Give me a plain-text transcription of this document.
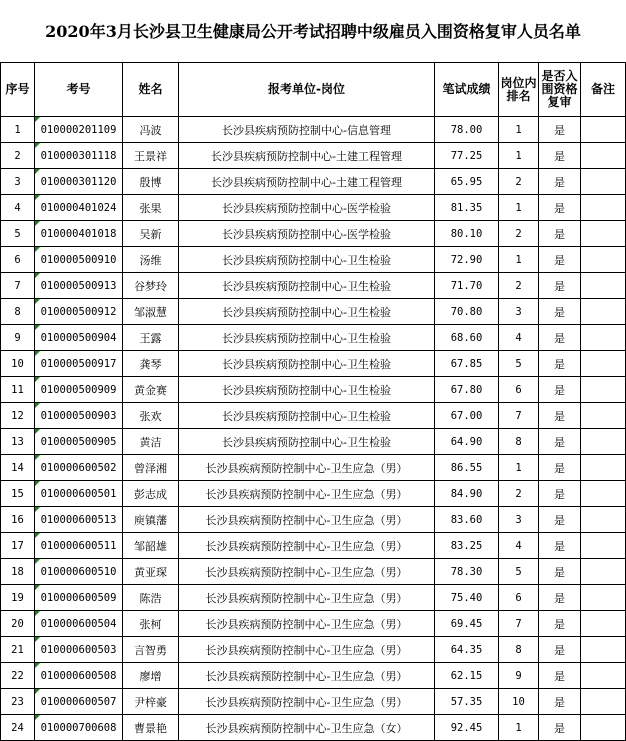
2020年3月长沙县卫生健康局公开考试招聘中级雇员入围资格复审人员名单
序号	考号	姓名	报考单位-岗位	笔试成绩	岗位内排名	是否入围资格复审	备注
1	010000201109	冯波	长沙县疾病预防控制中心-信息管理	78.00	1	是	
2	010000301118	王景祥	长沙县疾病预防控制中心-土建工程管理	77.25	1	是	
3	010000301120	殷博	长沙县疾病预防控制中心-土建工程管理	65.95	2	是	
4	010000401024	张果	长沙县疾病预防控制中心-医学检验	81.35	1	是	
5	010000401018	吴新	长沙县疾病预防控制中心-医学检验	80.10	2	是	
6	010000500910	汤维	长沙县疾病预防控制中心-卫生检验	72.90	1	是	
7	010000500913	谷梦玲	长沙县疾病预防控制中心-卫生检验	71.70	2	是	
8	010000500912	邹淑慧	长沙县疾病预防控制中心-卫生检验	70.80	3	是	
9	010000500904	王露	长沙县疾病预防控制中心-卫生检验	68.60	4	是	
10	010000500917	龚琴	长沙县疾病预防控制中心-卫生检验	67.85	5	是	
11	010000500909	黄金赛	长沙县疾病预防控制中心-卫生检验	67.80	6	是	
12	010000500903	张欢	长沙县疾病预防控制中心-卫生检验	67.00	7	是	
13	010000500905	黄洁	长沙县疾病预防控制中心-卫生检验	64.90	8	是	
14	010000600502	曾泽湘	长沙县疾病预防控制中心-卫生应急（男）	86.55	1	是	
15	010000600501	彭志成	长沙县疾病预防控制中心-卫生应急（男）	84.90	2	是	
16	010000600513	庾镇藩	长沙县疾病预防控制中心-卫生应急（男）	83.60	3	是	
17	010000600511	邹韶雄	长沙县疾病预防控制中心-卫生应急（男）	83.25	4	是	
18	010000600510	黄亚琛	长沙县疾病预防控制中心-卫生应急（男）	78.30	5	是	
19	010000600509	陈浩	长沙县疾病预防控制中心-卫生应急（男）	75.40	6	是	
20	010000600504	张柯	长沙县疾病预防控制中心-卫生应急（男）	69.45	7	是	
21	010000600503	言智勇	长沙县疾病预防控制中心-卫生应急（男）	64.35	8	是	
22	010000600508	廖增	长沙县疾病预防控制中心-卫生应急（男）	62.15	9	是	
23	010000600507	尹梓豪	长沙县疾病预防控制中心-卫生应急（男）	57.35	10	是	
24	010000700608	曹景艳	长沙县疾病预防控制中心-卫生应急（女）	92.45	1	是	
